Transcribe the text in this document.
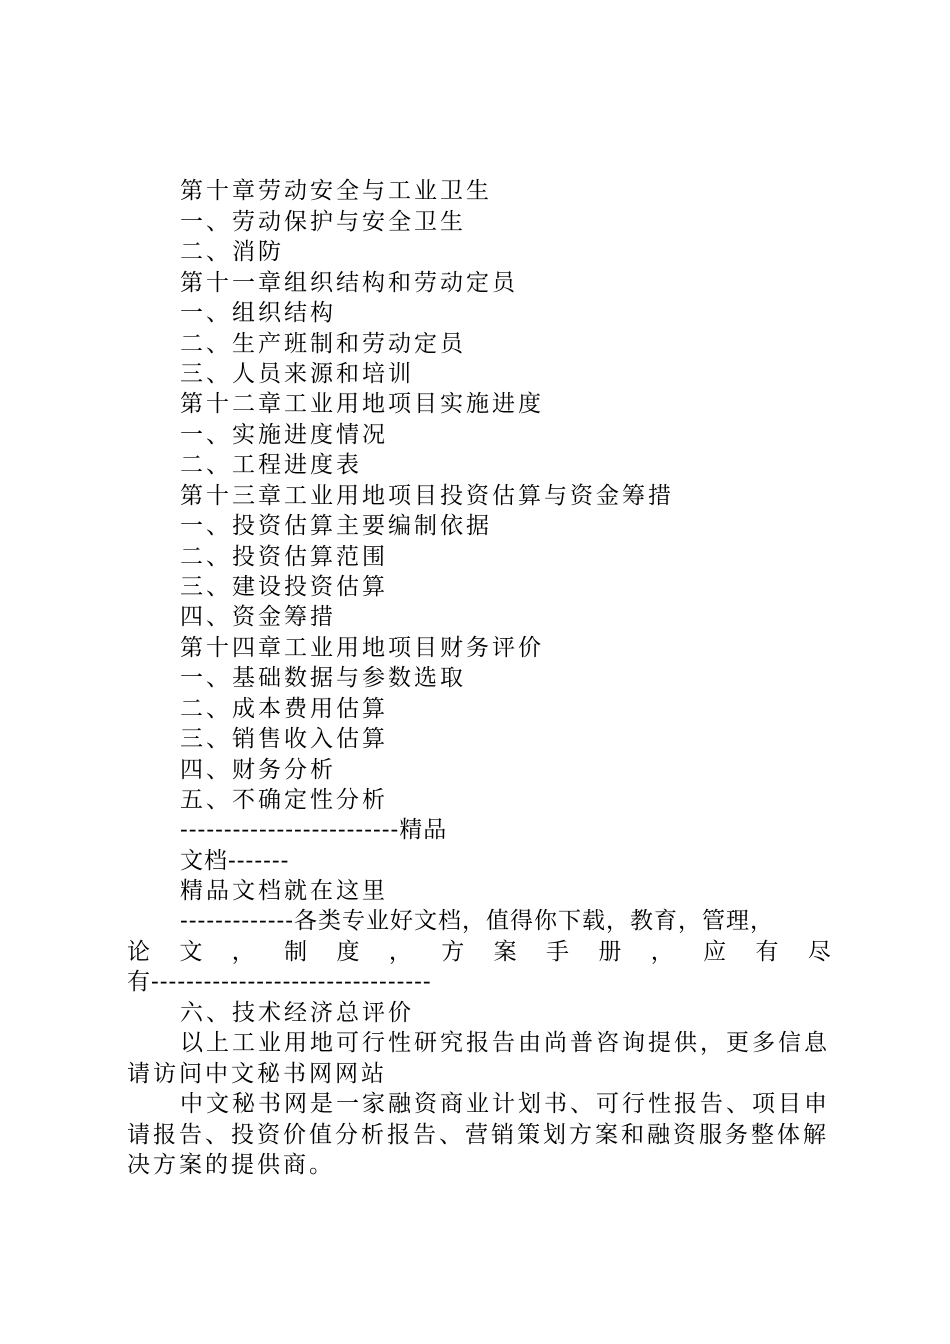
第十章劳动安全与工业卫生
一、劳动保护与安全卫生
二、消防
第十一章组织结构和劳动定员
一、组织结构
二、生产班制和劳动定员
三、人员来源和培训
第十二章工业用地项目实施进度
一、实施进度情况
二、工程进度表
第十三章工业用地项目投资估算与资金筹措
一、投资估算主要编制依据
二、投资估算范围
三、建设投资估算
四、资金筹措
第十四章工业用地项目财务评价
一、基础数据与参数选取
二、成本费用估算
三、销售收入估算
四、财务分析
五、不确定性分析
-------------------------精品
文档-------
精品文档就在这里
-------------各类专业好文档，值得你下载，教育，管理，
论 文 ， 制 度 ， 方 案 手 册 ， 应 有 尽
有--------------------------------
六、技术经济总评价
以上工业用地可行性研究报告由尚普咨询提供，更多信息
请访问中文秘书网网站
中文秘书网是一家融资商业计划书、可行性报告、项目申
请报告、投资价值分析报告、营销策划方案和融资服务整体解
决方案的提供商。
